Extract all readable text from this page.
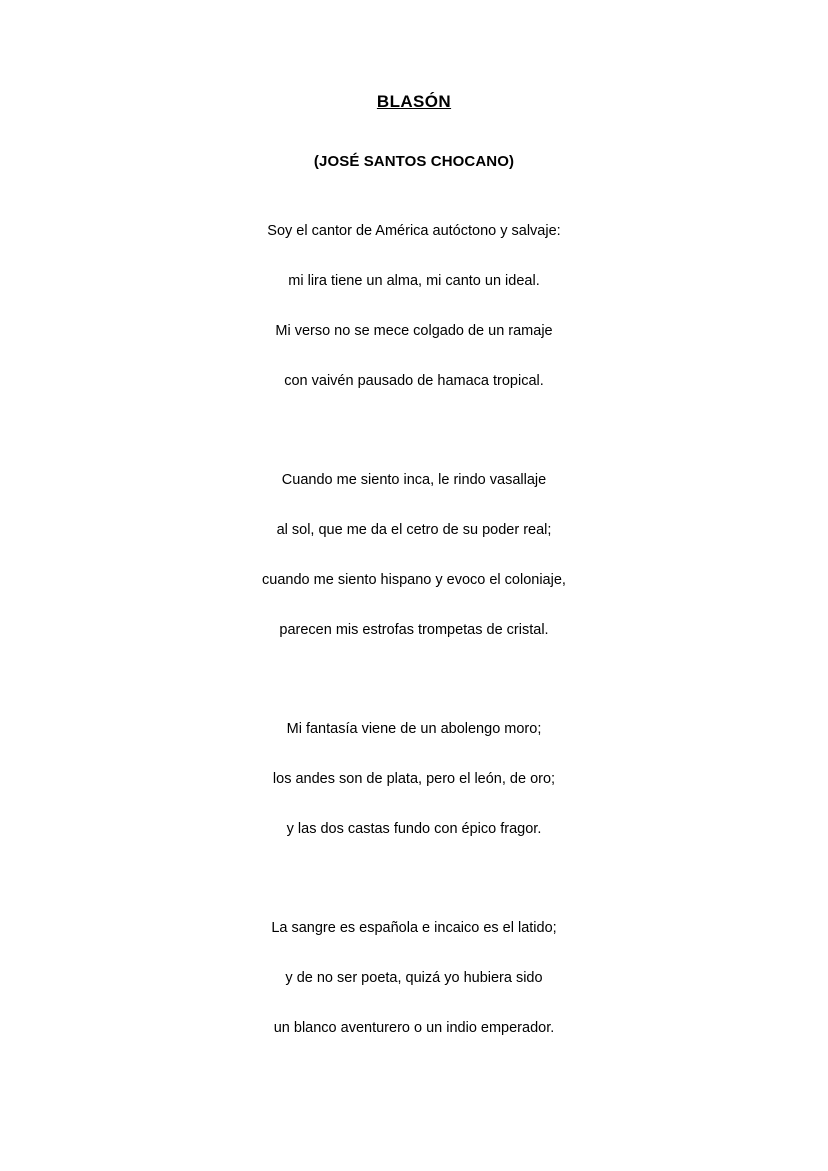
BLASÓN
(JOSÉ SANTOS CHOCANO)

Soy el cantor de América autóctono y salvaje:

mi lira tiene un alma, mi canto un ideal.

Mi verso no se mece colgado de un ramaje

con vaivén pausado de hamaca tropical.

Cuando me siento inca, le rindo vasallaje

al sol, que me da el cetro de su poder real;

cuando me siento hispano y evoco el coloniaje,

parecen mis estrofas trompetas de cristal.

Mi fantasía viene de un abolengo moro;

los andes son de plata, pero el león, de oro;

y las dos castas fundo con épico fragor.

La sangre es española e incaico es el latido;

y de no ser poeta, quizá yo hubiera sido

un blanco aventurero o un indio emperador.
